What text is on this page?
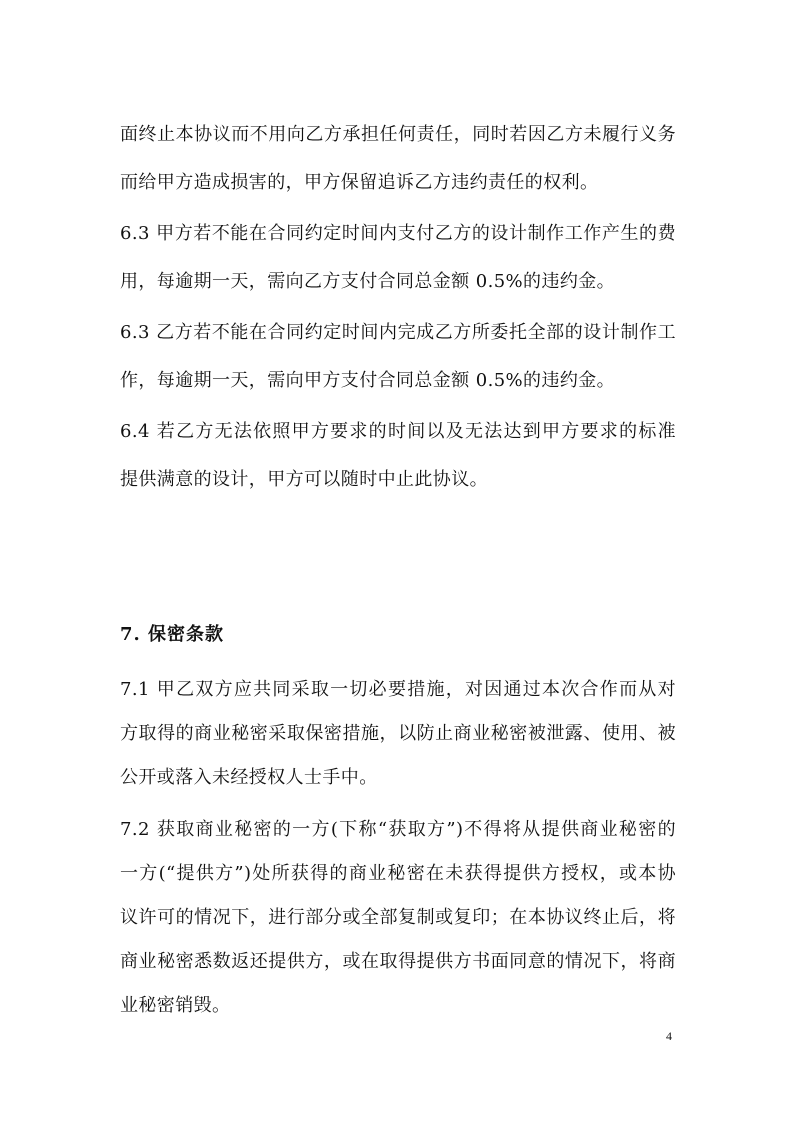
面终止本协议而不用向乙方承担任何责任，同时若因乙方未履行义务
而给甲方造成损害的，甲方保留追诉乙方违约责任的权利。
6.3 甲方若不能在合同约定时间内支付乙方的设计制作工作产生的费
用，每逾期一天，需向乙方支付合同总金额 0.5%的违约金。
6.3 乙方若不能在合同约定时间内完成乙方所委托全部的设计制作工
作，每逾期一天，需向甲方支付合同总金额 0.5%的违约金。
6.4 若乙方无法依照甲方要求的时间以及无法达到甲方要求的标准
提供满意的设计，甲方可以随时中止此协议。
7. 保密条款
7.1 甲乙双方应共同采取一切必要措施，对因通过本次合作而从对
方取得的商业秘密采取保密措施，以防止商业秘密被泄露、使用、被
公开或落入未经授权人士手中。
7.2 获取商业秘密的一方(下称“获取方”)不得将从提供商业秘密的
一方(“提供方”)处所获得的商业秘密在未获得提供方授权，或本协
议许可的情况下，进行部分或全部复制或复印；在本协议终止后，将
商业秘密悉数返还提供方，或在取得提供方书面同意的情况下，将商
业秘密销毁。
4
